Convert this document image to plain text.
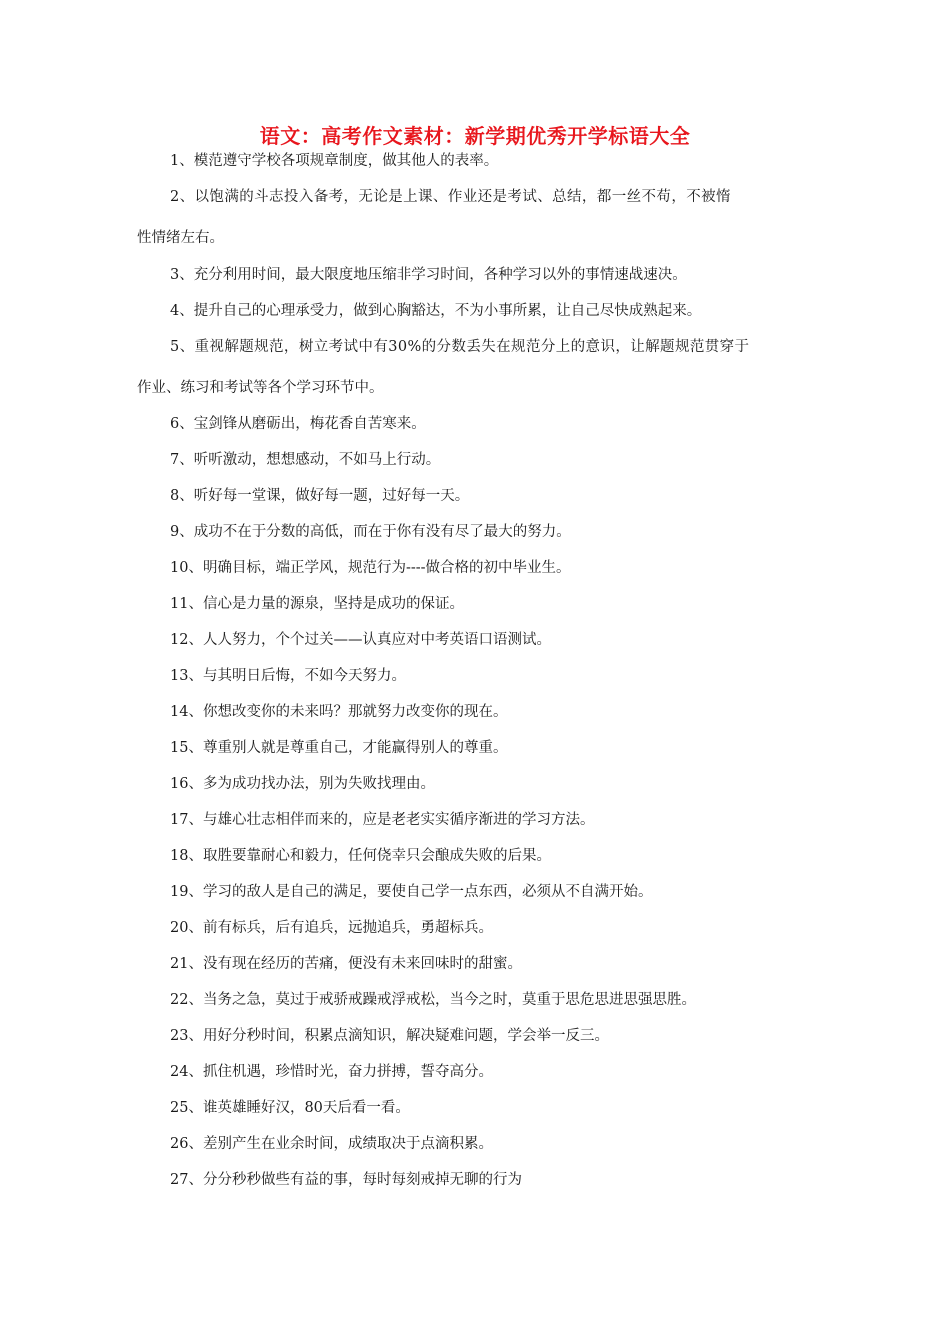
语文：高考作文素材：新学期优秀开学标语大全
1、模范遵守学校各项规章制度，做其他人的表率。
2、以饱满的斗志投入备考，无论是上课、作业还是考试、总结，都一丝不苟，不被惰
性情绪左右。
3、充分利用时间，最大限度地压缩非学习时间，各种学习以外的事情速战速决。
4、提升自己的心理承受力，做到心胸豁达，不为小事所累，让自己尽快成熟起来。
5、重视解题规范，树立考试中有30%的分数丢失在规范分上的意识，让解题规范贯穿于
作业、练习和考试等各个学习环节中。
6、宝剑锋从磨砺出，梅花香自苦寒来。
7、听听激动，想想感动，不如马上行动。
8、听好每一堂课，做好每一题，过好每一天。
9、成功不在于分数的高低，而在于你有没有尽了最大的努力。
10、明确目标，端正学风，规范行为----做合格的初中毕业生。
11、信心是力量的源泉，坚持是成功的保证。
12、人人努力，个个过关——认真应对中考英语口语测试。
13、与其明日后悔，不如今天努力。
14、你想改变你的未来吗？那就努力改变你的现在。
15、尊重别人就是尊重自己，才能赢得别人的尊重。
16、多为成功找办法，别为失败找理由。
17、与雄心壮志相伴而来的，应是老老实实循序渐进的学习方法。
18、取胜要靠耐心和毅力，任何侥幸只会酿成失败的后果。
19、学习的敌人是自己的满足，要使自己学一点东西，必须从不自满开始。
20、前有标兵，后有追兵，远抛追兵，勇超标兵。
21、没有现在经历的苦痛，便没有未来回味时的甜蜜。
22、当务之急，莫过于戒骄戒躁戒浮戒松，当今之时，莫重于思危思进思强思胜。
23、用好分秒时间，积累点滴知识，解决疑难问题，学会举一反三。
24、抓住机遇，珍惜时光，奋力拼搏，誓夺高分。
25、谁英雄睡好汉，80天后看一看。
26、差别产生在业余时间，成绩取决于点滴积累。
27、分分秒秒做些有益的事，每时每刻戒掉无聊的行为
